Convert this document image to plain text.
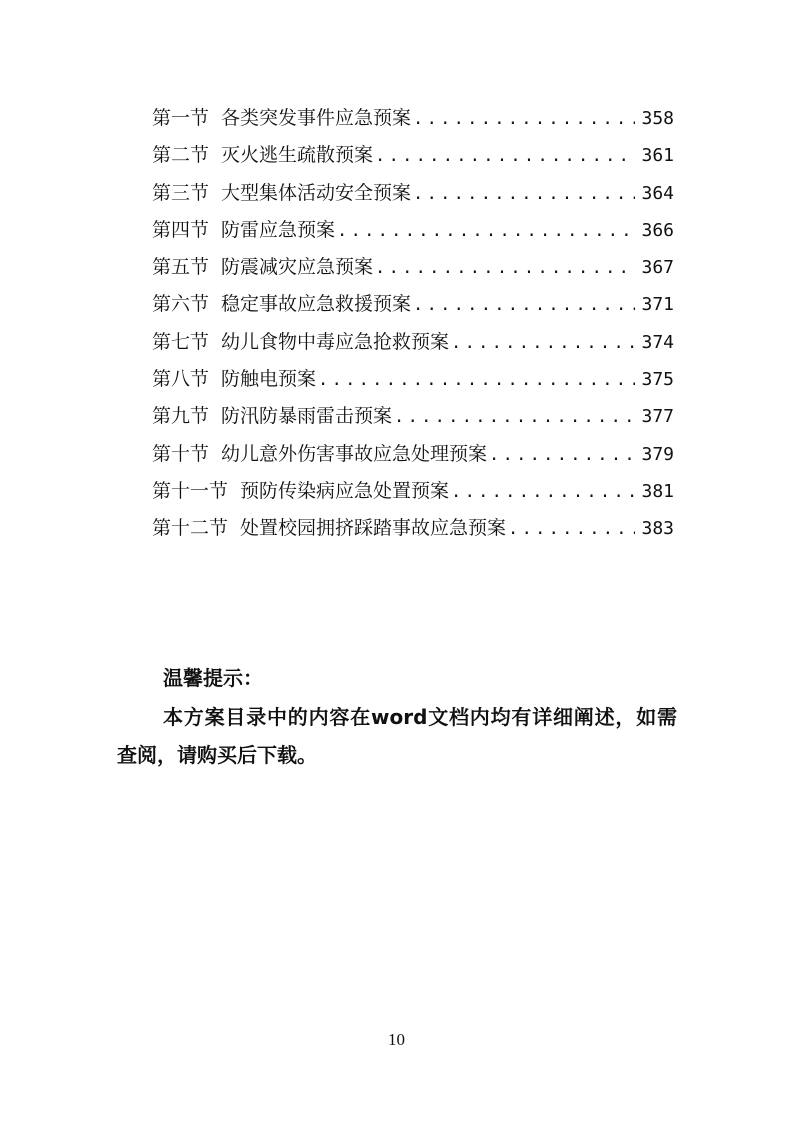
第一节 各类突发事件应急预案 .....	358
第二节 灭火逃生疏散预案 .....	361
第三节 大型集体活动安全预案 .....	364
第四节 防雷应急预案 .....	366
第五节 防震减灾应急预案 .....	367
第六节 稳定事故应急救援预案 .....	371
第七节 幼儿食物中毒应急抢救预案 .....	374
第八节 防触电预案 .....	375
第九节 防汛防暴雨雷击预案 .....	377
第十节 幼儿意外伤害事故应急处理预案 .....	379
第十一节 预防传染病应急处置预案 .....	381
第十二节 处置校园拥挤踩踏事故应急预案 .....	383
温馨提示：
本方案目录中的内容在word文档内均有详细阐述，如需查阅，请购买后下载。
10
